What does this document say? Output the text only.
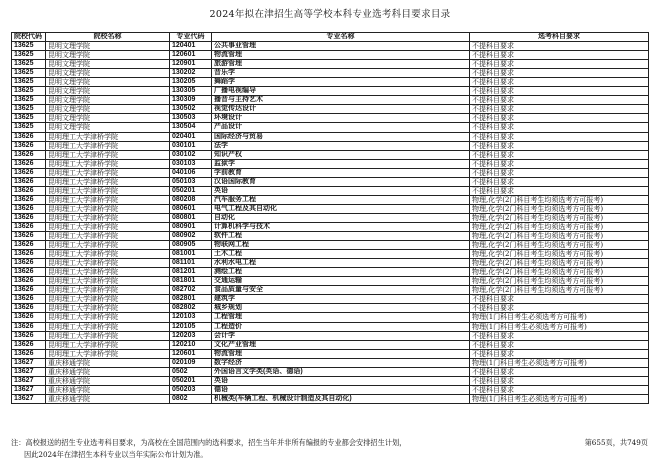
2024年拟在津招生高等学校本科专业选考科目要求目录
院校代码	院校名称	专业代码	专业名称	选考科目要求
13625	昆明文理学院	120401	公共事业管理	不提科目要求
13625	昆明文理学院	120601	物流管理	不提科目要求
13625	昆明文理学院	120901	旅游管理	不提科目要求
13625	昆明文理学院	130202	音乐学	不提科目要求
13625	昆明文理学院	130205	舞蹈学	不提科目要求
13625	昆明文理学院	130305	广播电视编导	不提科目要求
13625	昆明文理学院	130309	播音与主持艺术	不提科目要求
13625	昆明文理学院	130502	视觉传达设计	不提科目要求
13625	昆明文理学院	130503	环境设计	不提科目要求
13625	昆明文理学院	130504	产品设计	不提科目要求
13626	昆明理工大学津桥学院	020401	国际经济与贸易	不提科目要求
13626	昆明理工大学津桥学院	030101	法学	不提科目要求
13626	昆明理工大学津桥学院	030102	知识产权	不提科目要求
13626	昆明理工大学津桥学院	030103	监狱学	不提科目要求
13626	昆明理工大学津桥学院	040106	学前教育	不提科目要求
13626	昆明理工大学津桥学院	050103	汉语国际教育	不提科目要求
13626	昆明理工大学津桥学院	050201	英语	不提科目要求
13626	昆明理工大学津桥学院	080208	汽车服务工程	物理,化学(2门科目考生均须选考方可报考)
13626	昆明理工大学津桥学院	080601	电气工程及其自动化	物理,化学(2门科目考生均须选考方可报考)
13626	昆明理工大学津桥学院	080801	自动化	物理,化学(2门科目考生均须选考方可报考)
13626	昆明理工大学津桥学院	080901	计算机科学与技术	物理,化学(2门科目考生均须选考方可报考)
13626	昆明理工大学津桥学院	080902	软件工程	物理,化学(2门科目考生均须选考方可报考)
13626	昆明理工大学津桥学院	080905	物联网工程	物理,化学(2门科目考生均须选考方可报考)
13626	昆明理工大学津桥学院	081001	土木工程	物理,化学(2门科目考生均须选考方可报考)
13626	昆明理工大学津桥学院	081101	水利水电工程	物理,化学(2门科目考生均须选考方可报考)
13626	昆明理工大学津桥学院	081201	测绘工程	物理,化学(2门科目考生均须选考方可报考)
13626	昆明理工大学津桥学院	081801	交通运输	物理,化学(2门科目考生均须选考方可报考)
13626	昆明理工大学津桥学院	082702	食品质量与安全	物理,化学(2门科目考生均须选考方可报考)
13626	昆明理工大学津桥学院	082801	建筑学	不提科目要求
13626	昆明理工大学津桥学院	082802	城乡规划	不提科目要求
13626	昆明理工大学津桥学院	120103	工程管理	物理(1门科目考生必须选考方可报考)
13626	昆明理工大学津桥学院	120105	工程造价	物理(1门科目考生必须选考方可报考)
13626	昆明理工大学津桥学院	120203	会计学	不提科目要求
13626	昆明理工大学津桥学院	120210	文化产业管理	不提科目要求
13626	昆明理工大学津桥学院	120601	物流管理	不提科目要求
13627	重庆移通学院	020109	数字经济	物理(1门科目考生必须选考方可报考)
13627	重庆移通学院	0502	外国语言文学类(英语、德语)	不提科目要求
13627	重庆移通学院	050201	英语	不提科目要求
13627	重庆移通学院	050203	德语	不提科目要求
13627	重庆移通学院	0802	机械类(车辆工程、机械设计制造及其自动化)	物理(1门科目考生必须选考方可报考)
注：高校报送的招生专业选考科目要求，为高校在全国范围内的选科要求，招生当年并非所有编报的专业都会安排招生计划，
因此2024年在津招生本科专业以当年实际公布计划为准。
第655页，共749页
